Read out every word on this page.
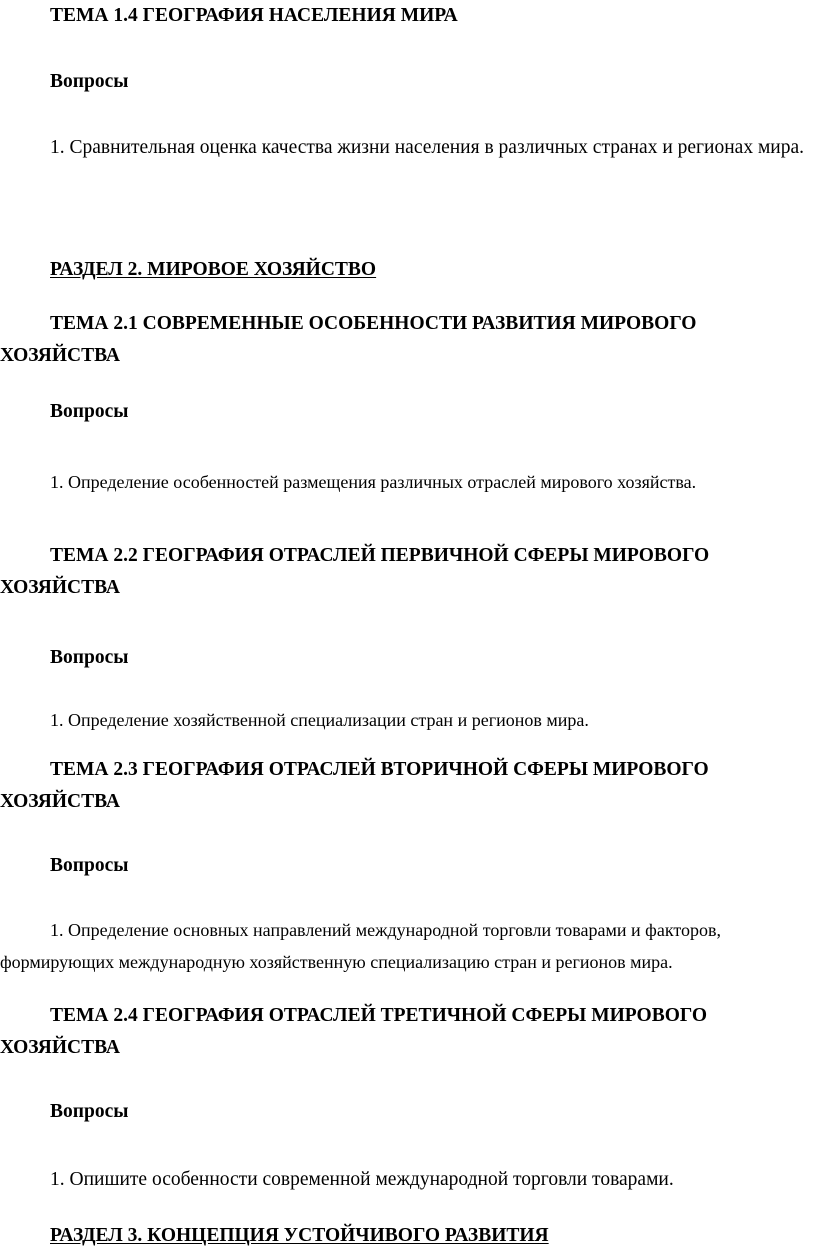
ТЕМА 1.4 ГЕОГРАФИЯ НАСЕЛЕНИЯ МИРА
Вопросы
1. Сравнительная оценка качества жизни населения в различных странах и регионах мира.
РАЗДЕЛ 2. МИРОВОЕ ХОЗЯЙСТВО
ТЕМА 2.1 СОВРЕМЕННЫЕ ОСОБЕННОСТИ РАЗВИТИЯ МИРОВОГО ХОЗЯЙСТВА
Вопросы
1. Определение особенностей размещения различных отраслей мирового хозяйства.
ТЕМА 2.2 ГЕОГРАФИЯ ОТРАСЛЕЙ ПЕРВИЧНОЙ СФЕРЫ МИРОВОГО ХОЗЯЙСТВА
Вопросы
1. Определение хозяйственной специализации стран и регионов мира.
ТЕМА 2.3 ГЕОГРАФИЯ ОТРАСЛЕЙ ВТОРИЧНОЙ СФЕРЫ МИРОВОГО ХОЗЯЙСТВА
Вопросы
1. Определение основных направлений международной торговли товарами и факторов, формирующих международную хозяйственную специализацию стран и регионов мира.
ТЕМА 2.4 ГЕОГРАФИЯ ОТРАСЛЕЙ ТРЕТИЧНОЙ СФЕРЫ МИРОВОГО ХОЗЯЙСТВА
Вопросы
1. Опишите особенности современной международной торговли товарами.
РАЗДЕЛ 3. КОНЦЕПЦИЯ УСТОЙЧИВОГО РАЗВИТИЯ
